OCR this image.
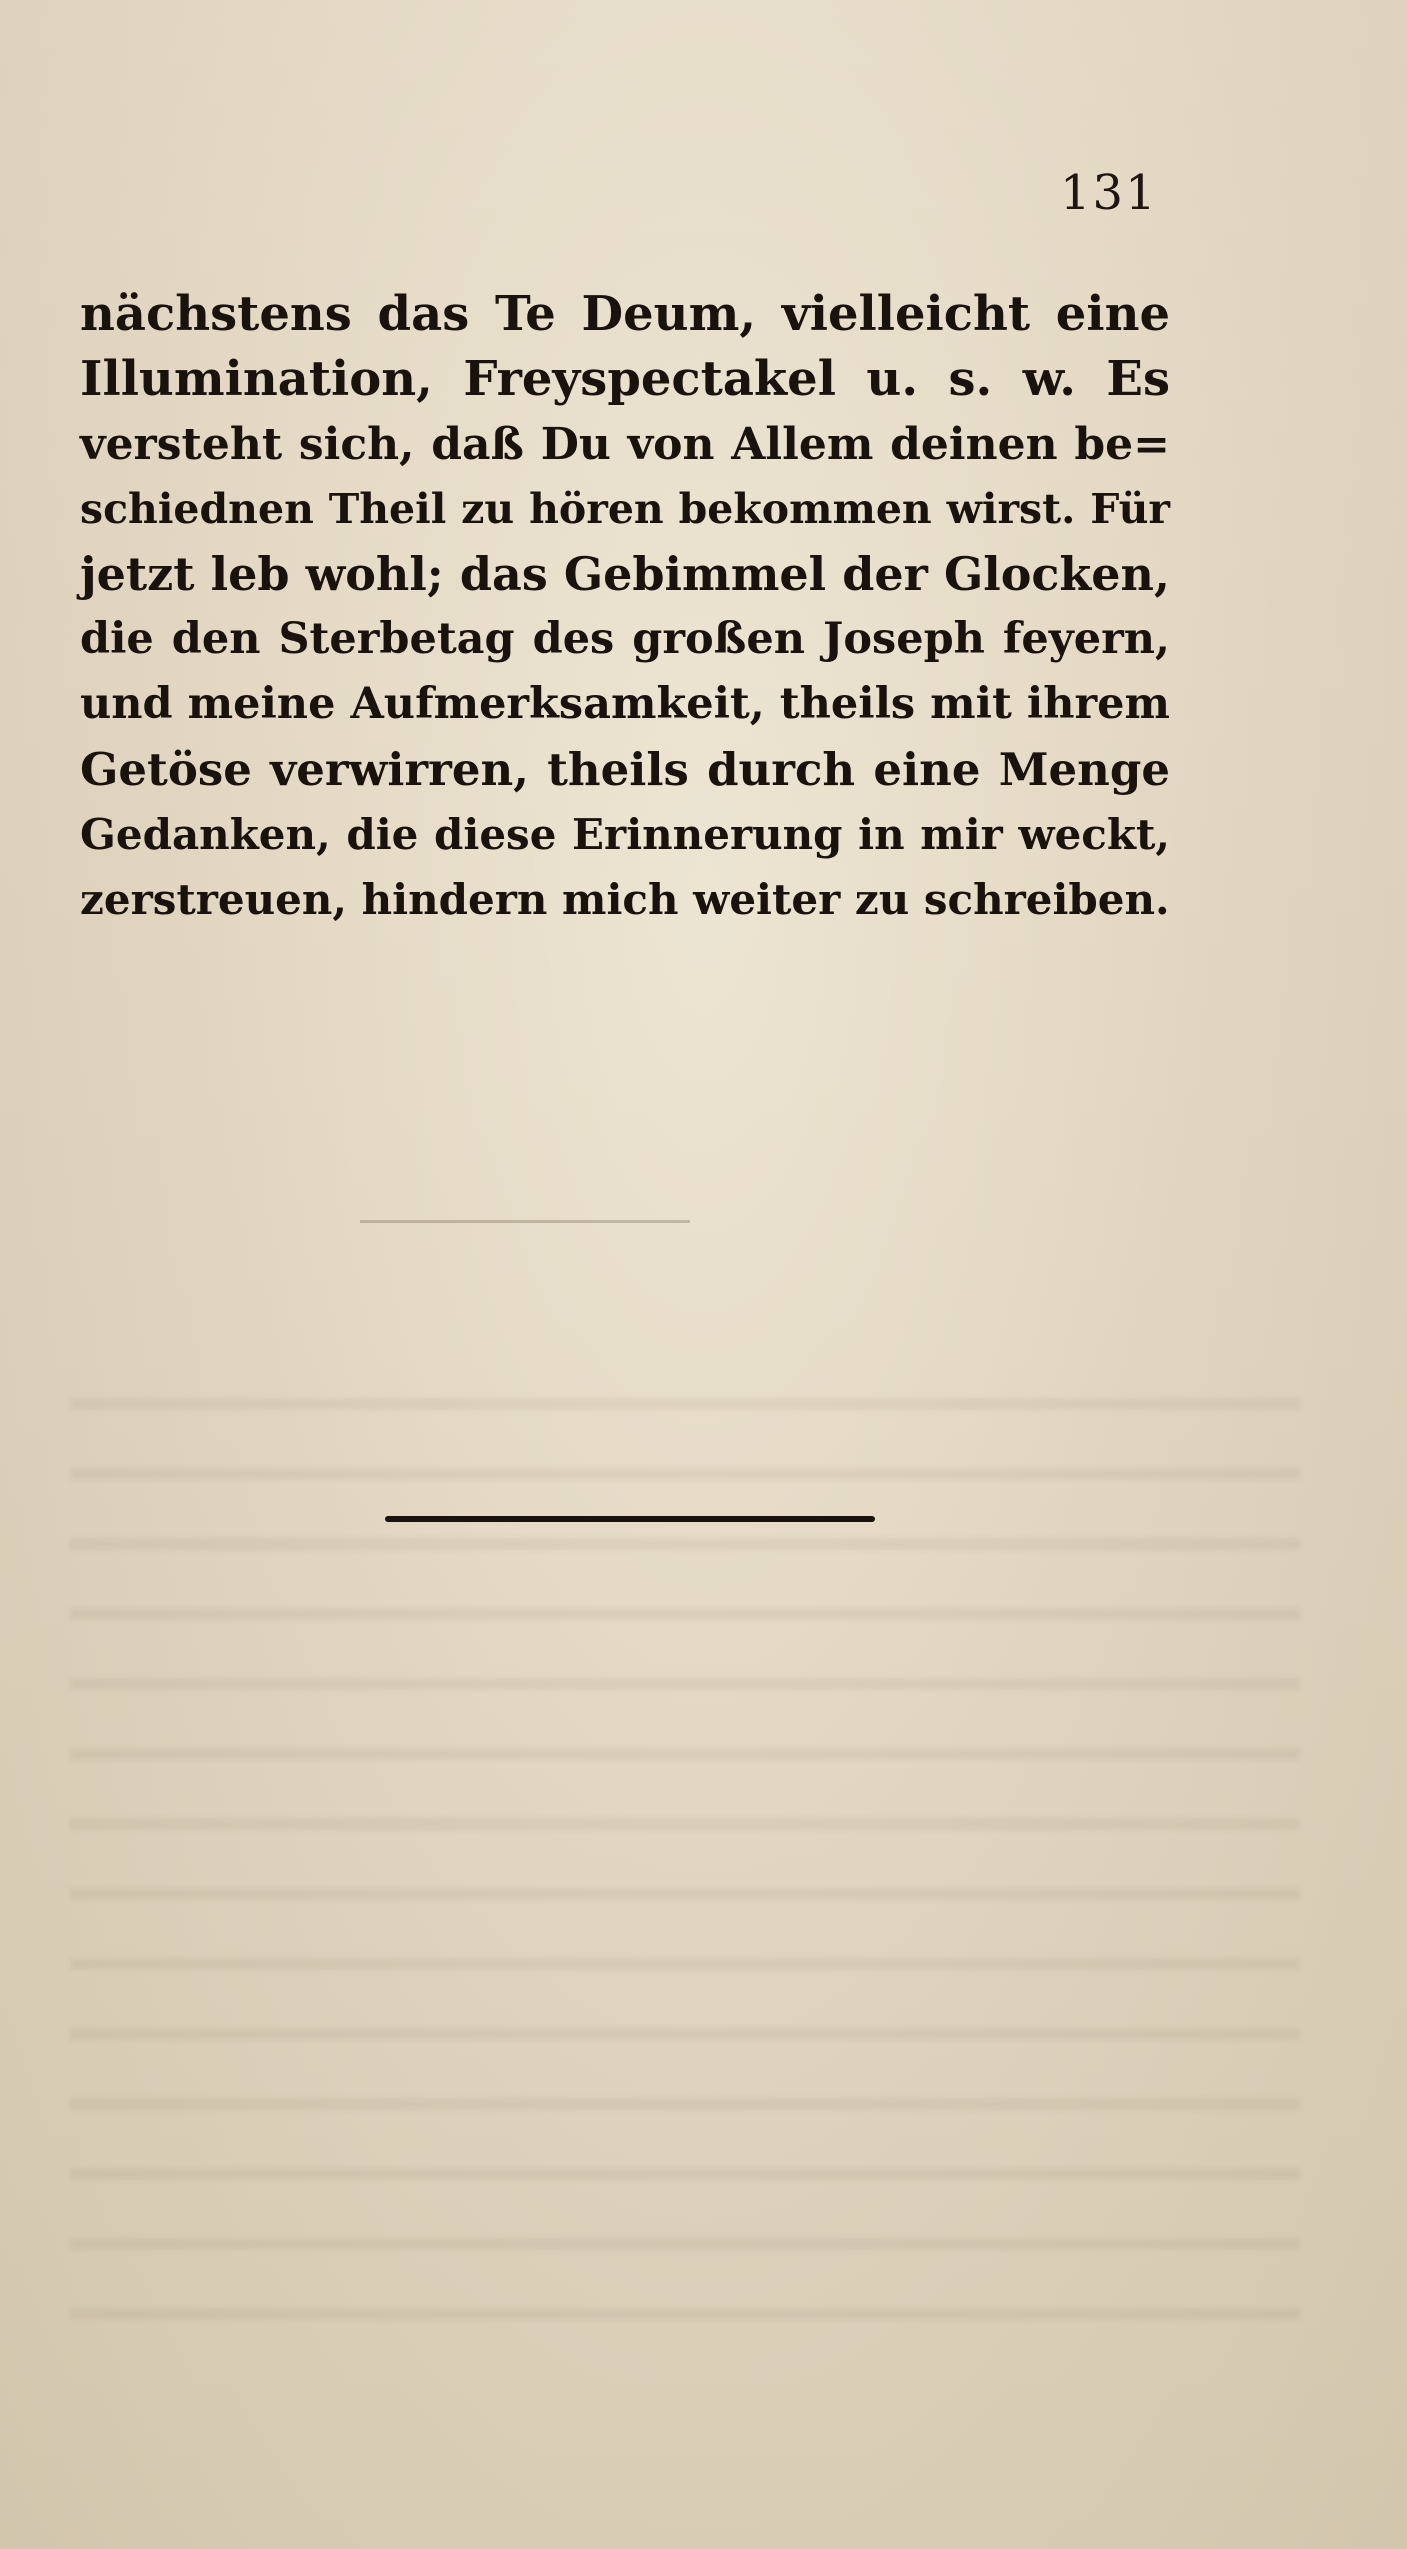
131
nächstens das Te Deum, vielleicht eine
Illumination, Freyspectakel u. s. w. Es
versteht sich, daß Du von Allem deinen be=
schiednen Theil zu hören bekommen wirst. Für
jetzt leb wohl; das Gebimmel der Glocken,
die den Sterbetag des großen Joseph feyern,
und meine Aufmerksamkeit, theils mit ihrem
Getöse verwirren, theils durch eine Menge
Gedanken, die diese Erinnerung in mir weckt,
zerstreuen, hindern mich weiter zu schreiben.
